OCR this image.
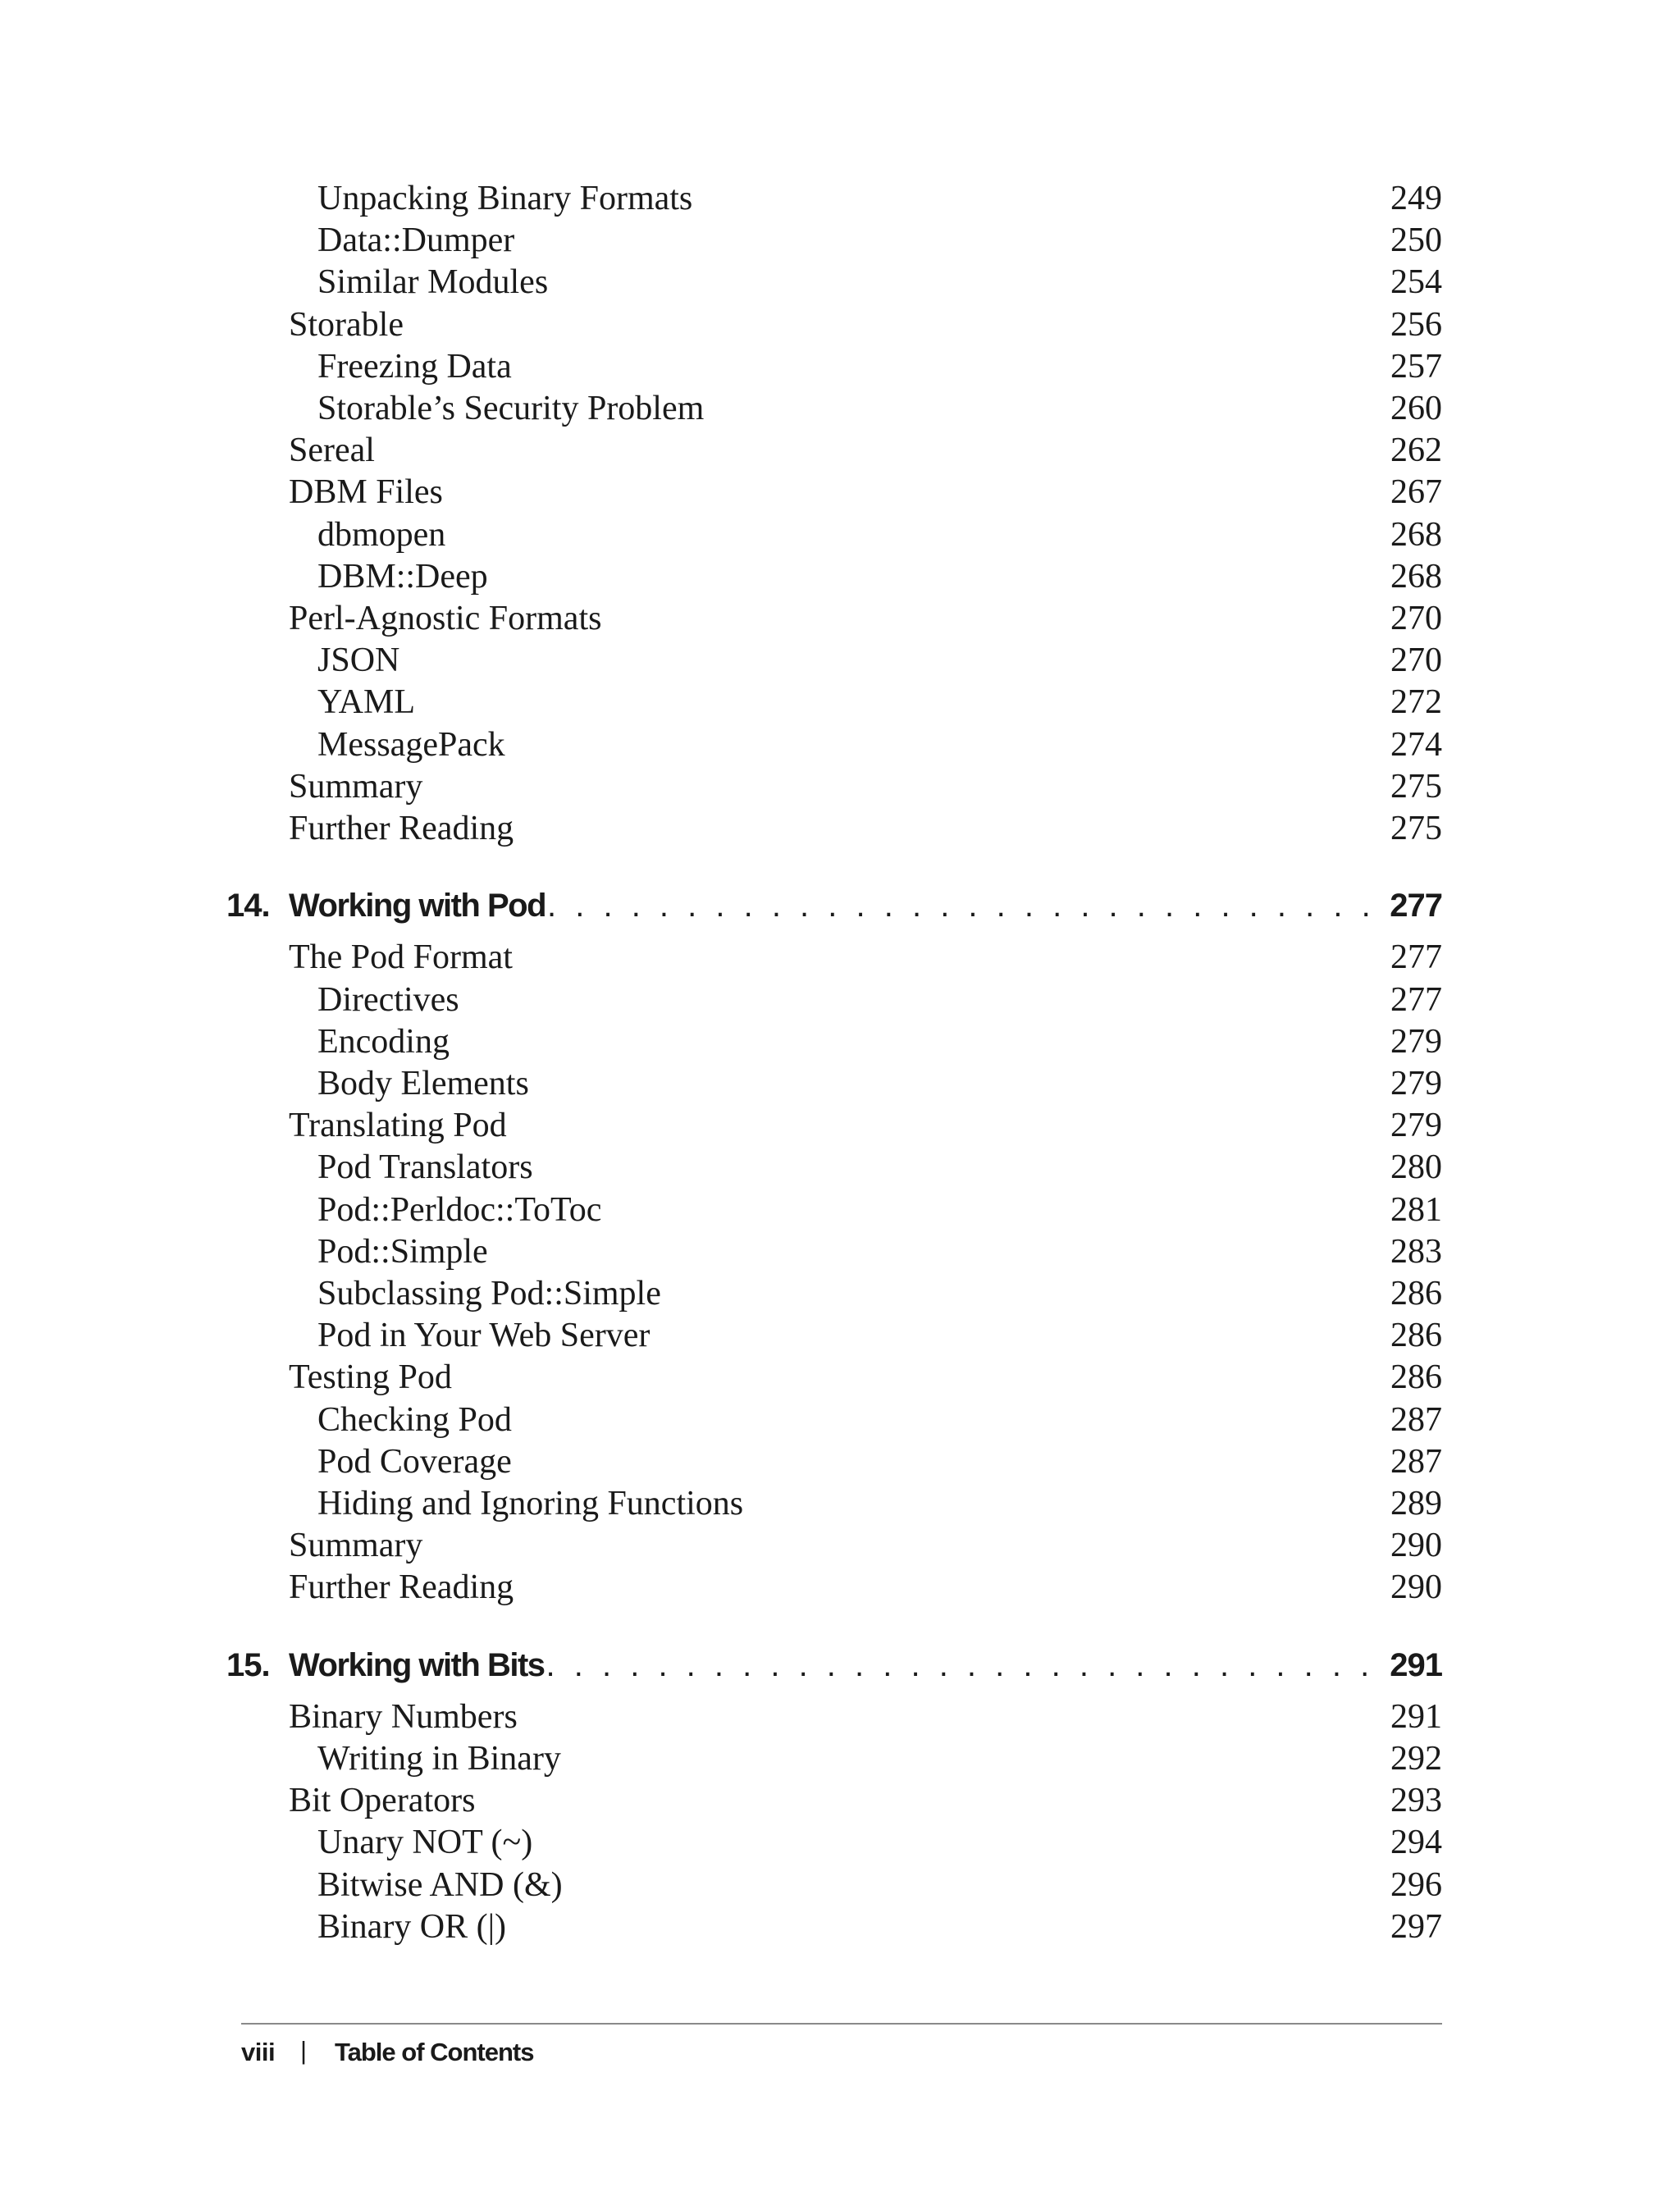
Unpacking Binary Formats	249
Data::Dumper	250
Similar Modules	254
Storable	256
Freezing Data	257
Storable’s Security Problem	260
Sereal	262
DBM Files	267
dbmopen	268
DBM::Deep	268
Perl-Agnostic Formats	270
JSON	270
YAML	272
MessagePack	274
Summary	275
Further Reading	275
14. Working with Pod . . .	277
The Pod Format	277
Directives	277
Encoding	279
Body Elements	279
Translating Pod	279
Pod Translators	280
Pod::Perldoc::ToToc	281
Pod::Simple	283
Subclassing Pod::Simple	286
Pod in Your Web Server	286
Testing Pod	286
Checking Pod	287
Pod Coverage	287
Hiding and Ignoring Functions	289
Summary	290
Further Reading	290
15. Working with Bits . . .	291
Binary Numbers	291
Writing in Binary	292
Bit Operators	293
Unary NOT (~)	294
Bitwise AND (&)	296
Binary OR (|)	297
viii | Table of Contents
